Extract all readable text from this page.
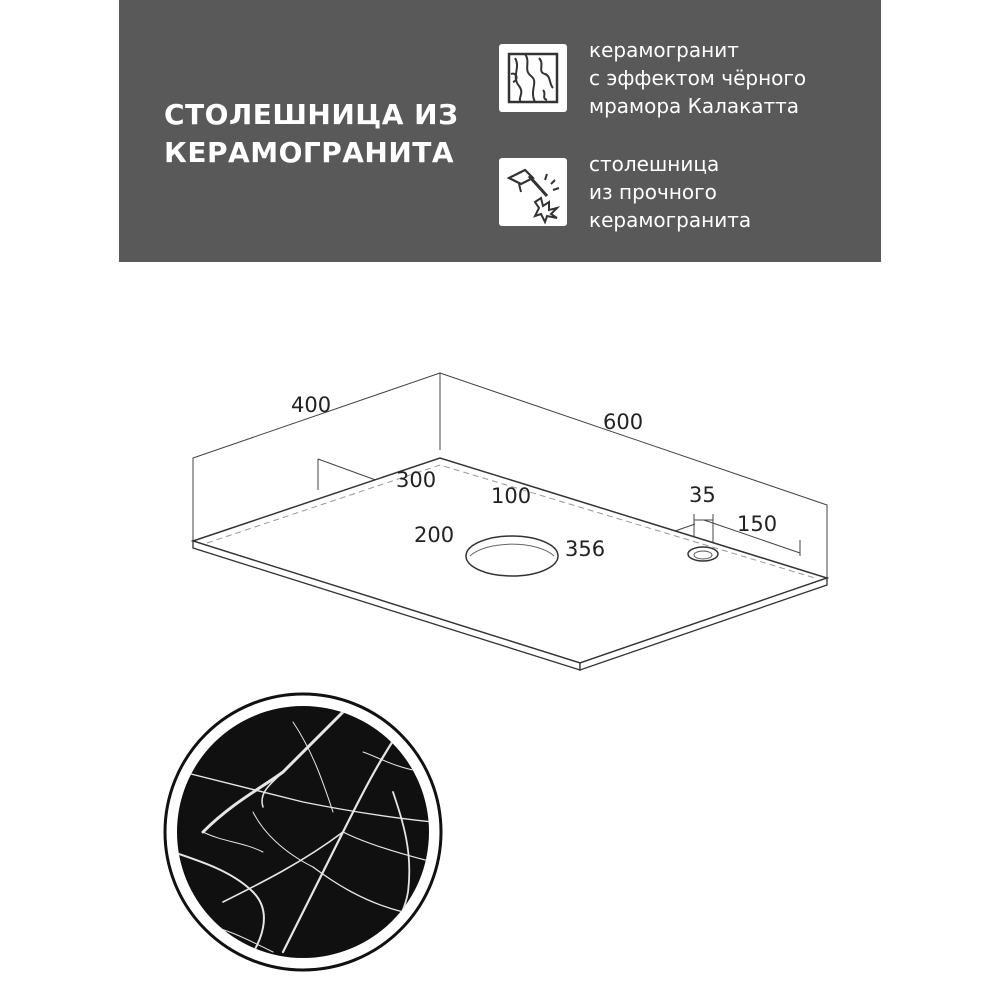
СТОЛЕШНИЦА ИЗ
КЕРАМОГРАНИТА
керамогранит
с эффектом чёрного
мрамора Калакатта
столешница
из прочного
керамогранита
400
600
300
100
200
356
35
150
